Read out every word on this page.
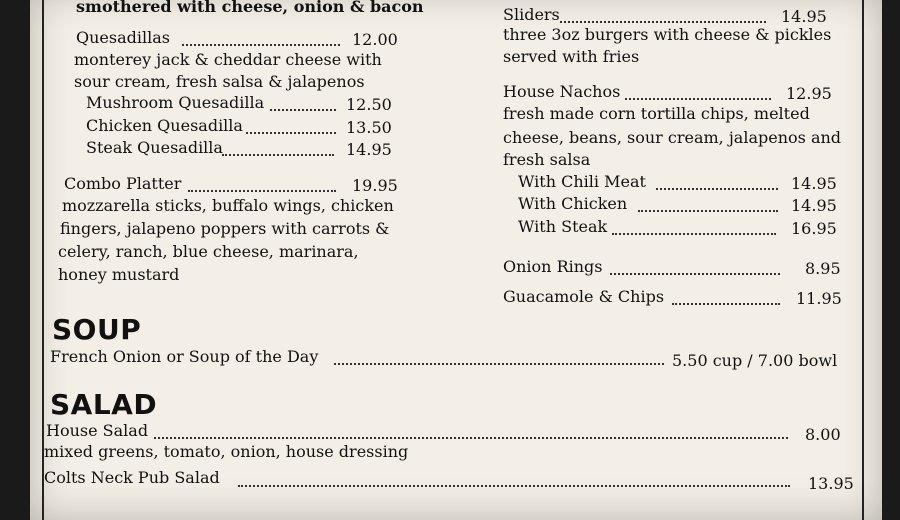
smothered with cheese, onion & bacon
Quesadillas	12.00
monterey jack & cheddar cheese with
sour cream, fresh salsa & jalapenos
Mushroom Quesadilla	12.50
Chicken Quesadilla	13.50
Steak Quesadilla	14.95
Combo Platter	19.95
mozzarella sticks, buffalo wings, chicken
fingers, jalapeno poppers with carrots &
celery, ranch, blue cheese, marinara,
honey mustard
Sliders	14.95
three 3oz burgers with cheese & pickles
served with fries
House Nachos	12.95
fresh made corn tortilla chips, melted
cheese, beans, sour cream, jalapenos and
fresh salsa
With Chili Meat	14.95
With Chicken	14.95
With Steak	16.95
Onion Rings	8.95
Guacamole & Chips	11.95
SOUP
French Onion or Soup of the Day	5.50 cup / 7.00 bowl
SALAD
House Salad	8.00
mixed greens, tomato, onion, house dressing
Colts Neck Pub Salad	13.95
